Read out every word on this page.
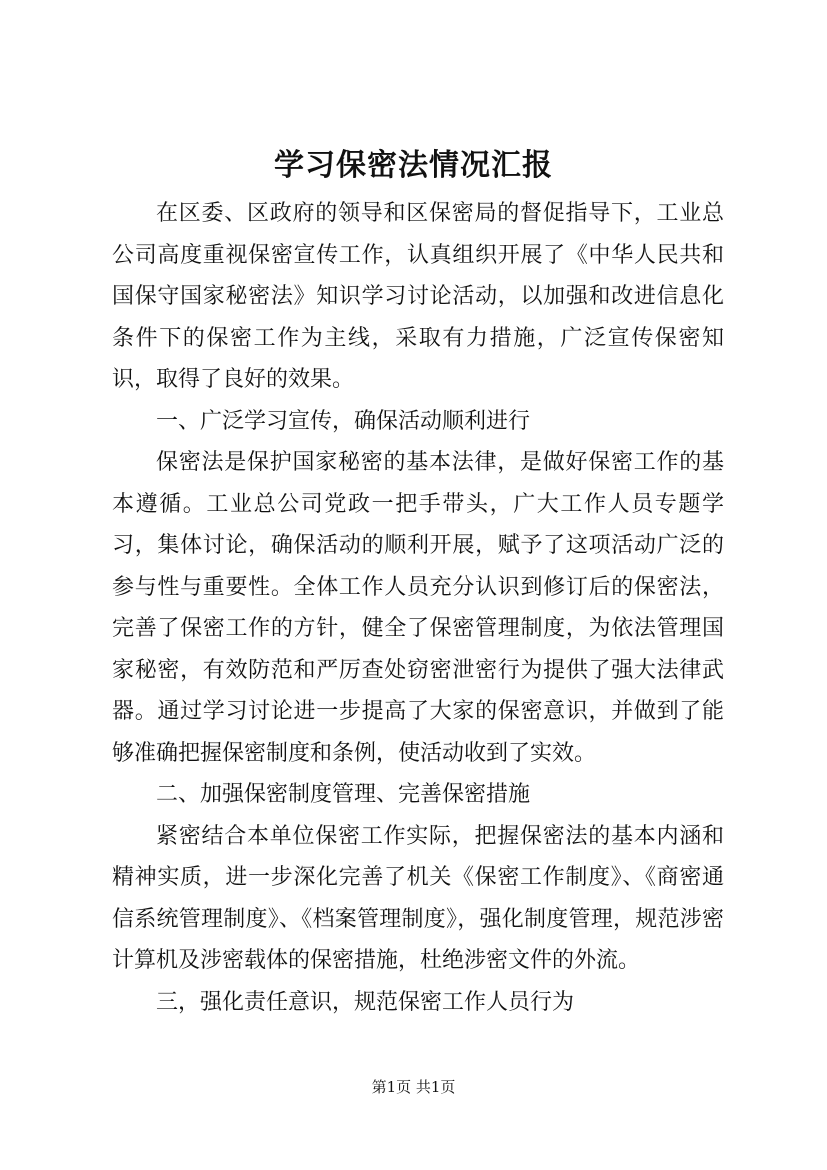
学习保密法情况汇报

在区委、区政府的领导和区保密局的督促指导下，工业总公司高度重视保密宣传工作，认真组织开展了《中华人民共和国保守国家秘密法》知识学习讨论活动，以加强和改进信息化条件下的保密工作为主线，采取有力措施，广泛宣传保密知识，取得了良好的效果。

一、广泛学习宣传，确保活动顺利进行

保密法是保护国家秘密的基本法律，是做好保密工作的基本遵循。工业总公司党政一把手带头，广大工作人员专题学习，集体讨论，确保活动的顺利开展，赋予了这项活动广泛的参与性与重要性。全体工作人员充分认识到修订后的保密法，完善了保密工作的方针，健全了保密管理制度，为依法管理国家秘密，有效防范和严厉查处窃密泄密行为提供了强大法律武器。通过学习讨论进一步提高了大家的保密意识，并做到了能够准确把握保密制度和条例，使活动收到了实效。

二、加强保密制度管理、完善保密措施

紧密结合本单位保密工作实际，把握保密法的基本内涵和精神实质，进一步深化完善了机关《保密工作制度》、《商密通信系统管理制度》、《档案管理制度》，强化制度管理，规范涉密计算机及涉密载体的保密措施，杜绝涉密文件的外流。

三，强化责任意识，规范保密工作人员行为

第1页 共1页
